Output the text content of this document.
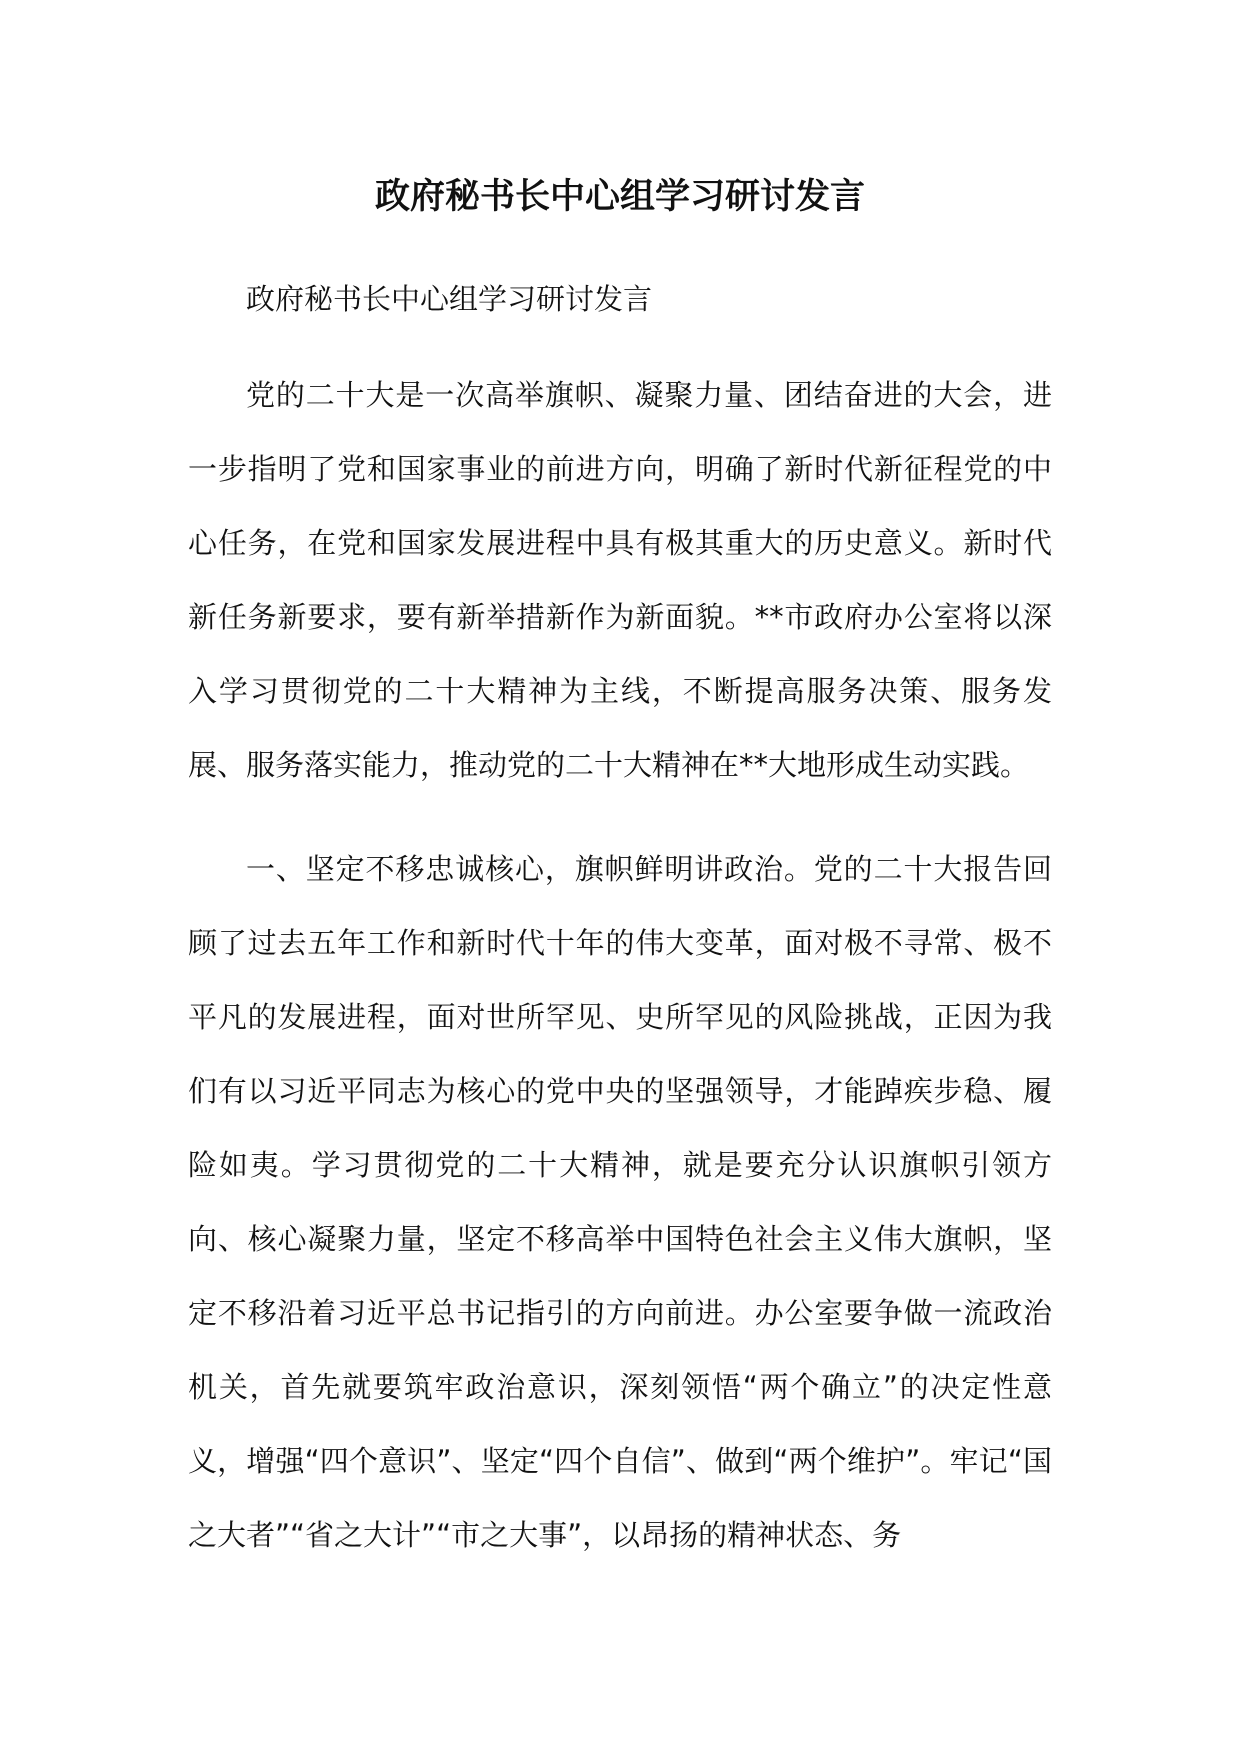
政府秘书长中心组学习研讨发言

政府秘书长中心组学习研讨发言

党的二十大是一次高举旗帜、凝聚力量、团结奋进的大会，进一步指明了党和国家事业的前进方向，明确了新时代新征程党的中心任务，在党和国家发展进程中具有极其重大的历史意义。新时代新任务新要求，要有新举措新作为新面貌。**市政府办公室将以深入学习贯彻党的二十大精神为主线，不断提高服务决策、服务发展、服务落实能力，推动党的二十大精神在**大地形成生动实践。

一、坚定不移忠诚核心，旗帜鲜明讲政治。党的二十大报告回顾了过去五年工作和新时代十年的伟大变革，面对极不寻常、极不平凡的发展进程，面对世所罕见、史所罕见的风险挑战，正因为我们有以习近平同志为核心的党中央的坚强领导，才能踔疾步稳、履险如夷。学习贯彻党的二十大精神，就是要充分认识旗帜引领方向、核心凝聚力量，坚定不移高举中国特色社会主义伟大旗帜，坚定不移沿着习近平总书记指引的方向前进。办公室要争做一流政治机关，首先就要筑牢政治意识，深刻领悟“两个确立”的决定性意义，增强“四个意识”、坚定“四个自信”、做到“两个维护”。牢记“国之大者”“省之大计”“市之大事”，以昂扬的精神状态、务
